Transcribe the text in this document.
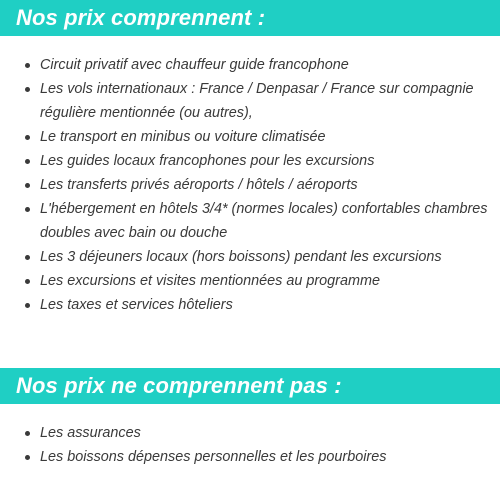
Nos prix comprennent :
Circuit privatif avec chauffeur guide francophone
Les vols internationaux : France / Denpasar / France sur compagnie régulière mentionnée (ou autres),
Le transport en minibus ou voiture climatisée
Les guides locaux francophones pour les excursions
Les transferts privés aéroports / hôtels / aéroports
L'hébergement en hôtels 3/4* (normes locales) confortables chambres doubles avec bain ou douche
Les 3 déjeuners locaux (hors boissons) pendant les excursions
Les excursions et visites mentionnées au programme
Les taxes et services hôteliers
Nos prix ne comprennent pas :
Les assurances
Les boissons dépenses personnelles et les pourboires
